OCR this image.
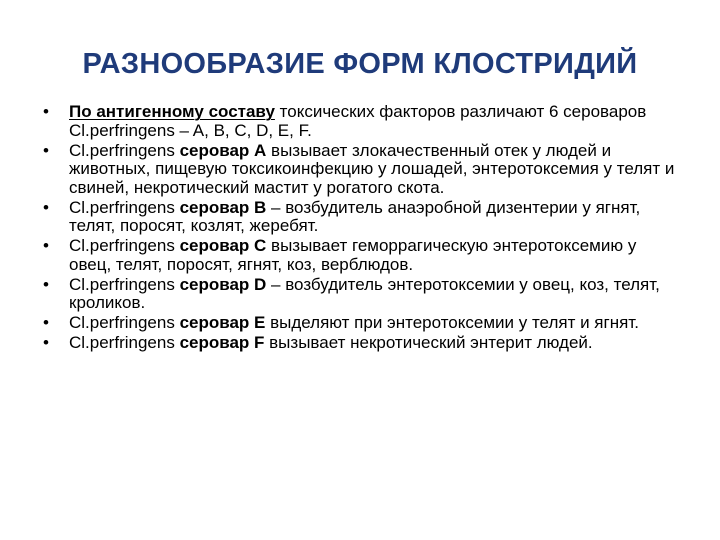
РАЗНООБРАЗИЕ ФОРМ КЛОСТРИДИЙ
• По антигенному составу токсических факторов различают 6 сероваров Cl.perfringens – A, B, C, D, E, F.
• Cl.perfringens серовар А вызывает злокачественный отек у людей и животных, пищевую токсикоинфекцию у лошадей, энтеротоксемия у телят и свиней, некротический мастит у рогатого скота.
• Cl.perfringens серовар В – возбудитель анаэробной дизентерии у ягнят, телят, поросят, козлят, жеребят.
• Cl.perfringens серовар С вызывает геморрагическую энтеротоксемию у овец, телят, поросят, ягнят, коз, верблюдов.
• Cl.perfringens серовар D – возбудитель энтеротоксемии у овец, коз, телят, кроликов.
• Cl.perfringens серовар Е выделяют при энтеротоксемии у телят и ягнят.
• Cl.perfringens серовар F вызывает некротический энтерит людей.
